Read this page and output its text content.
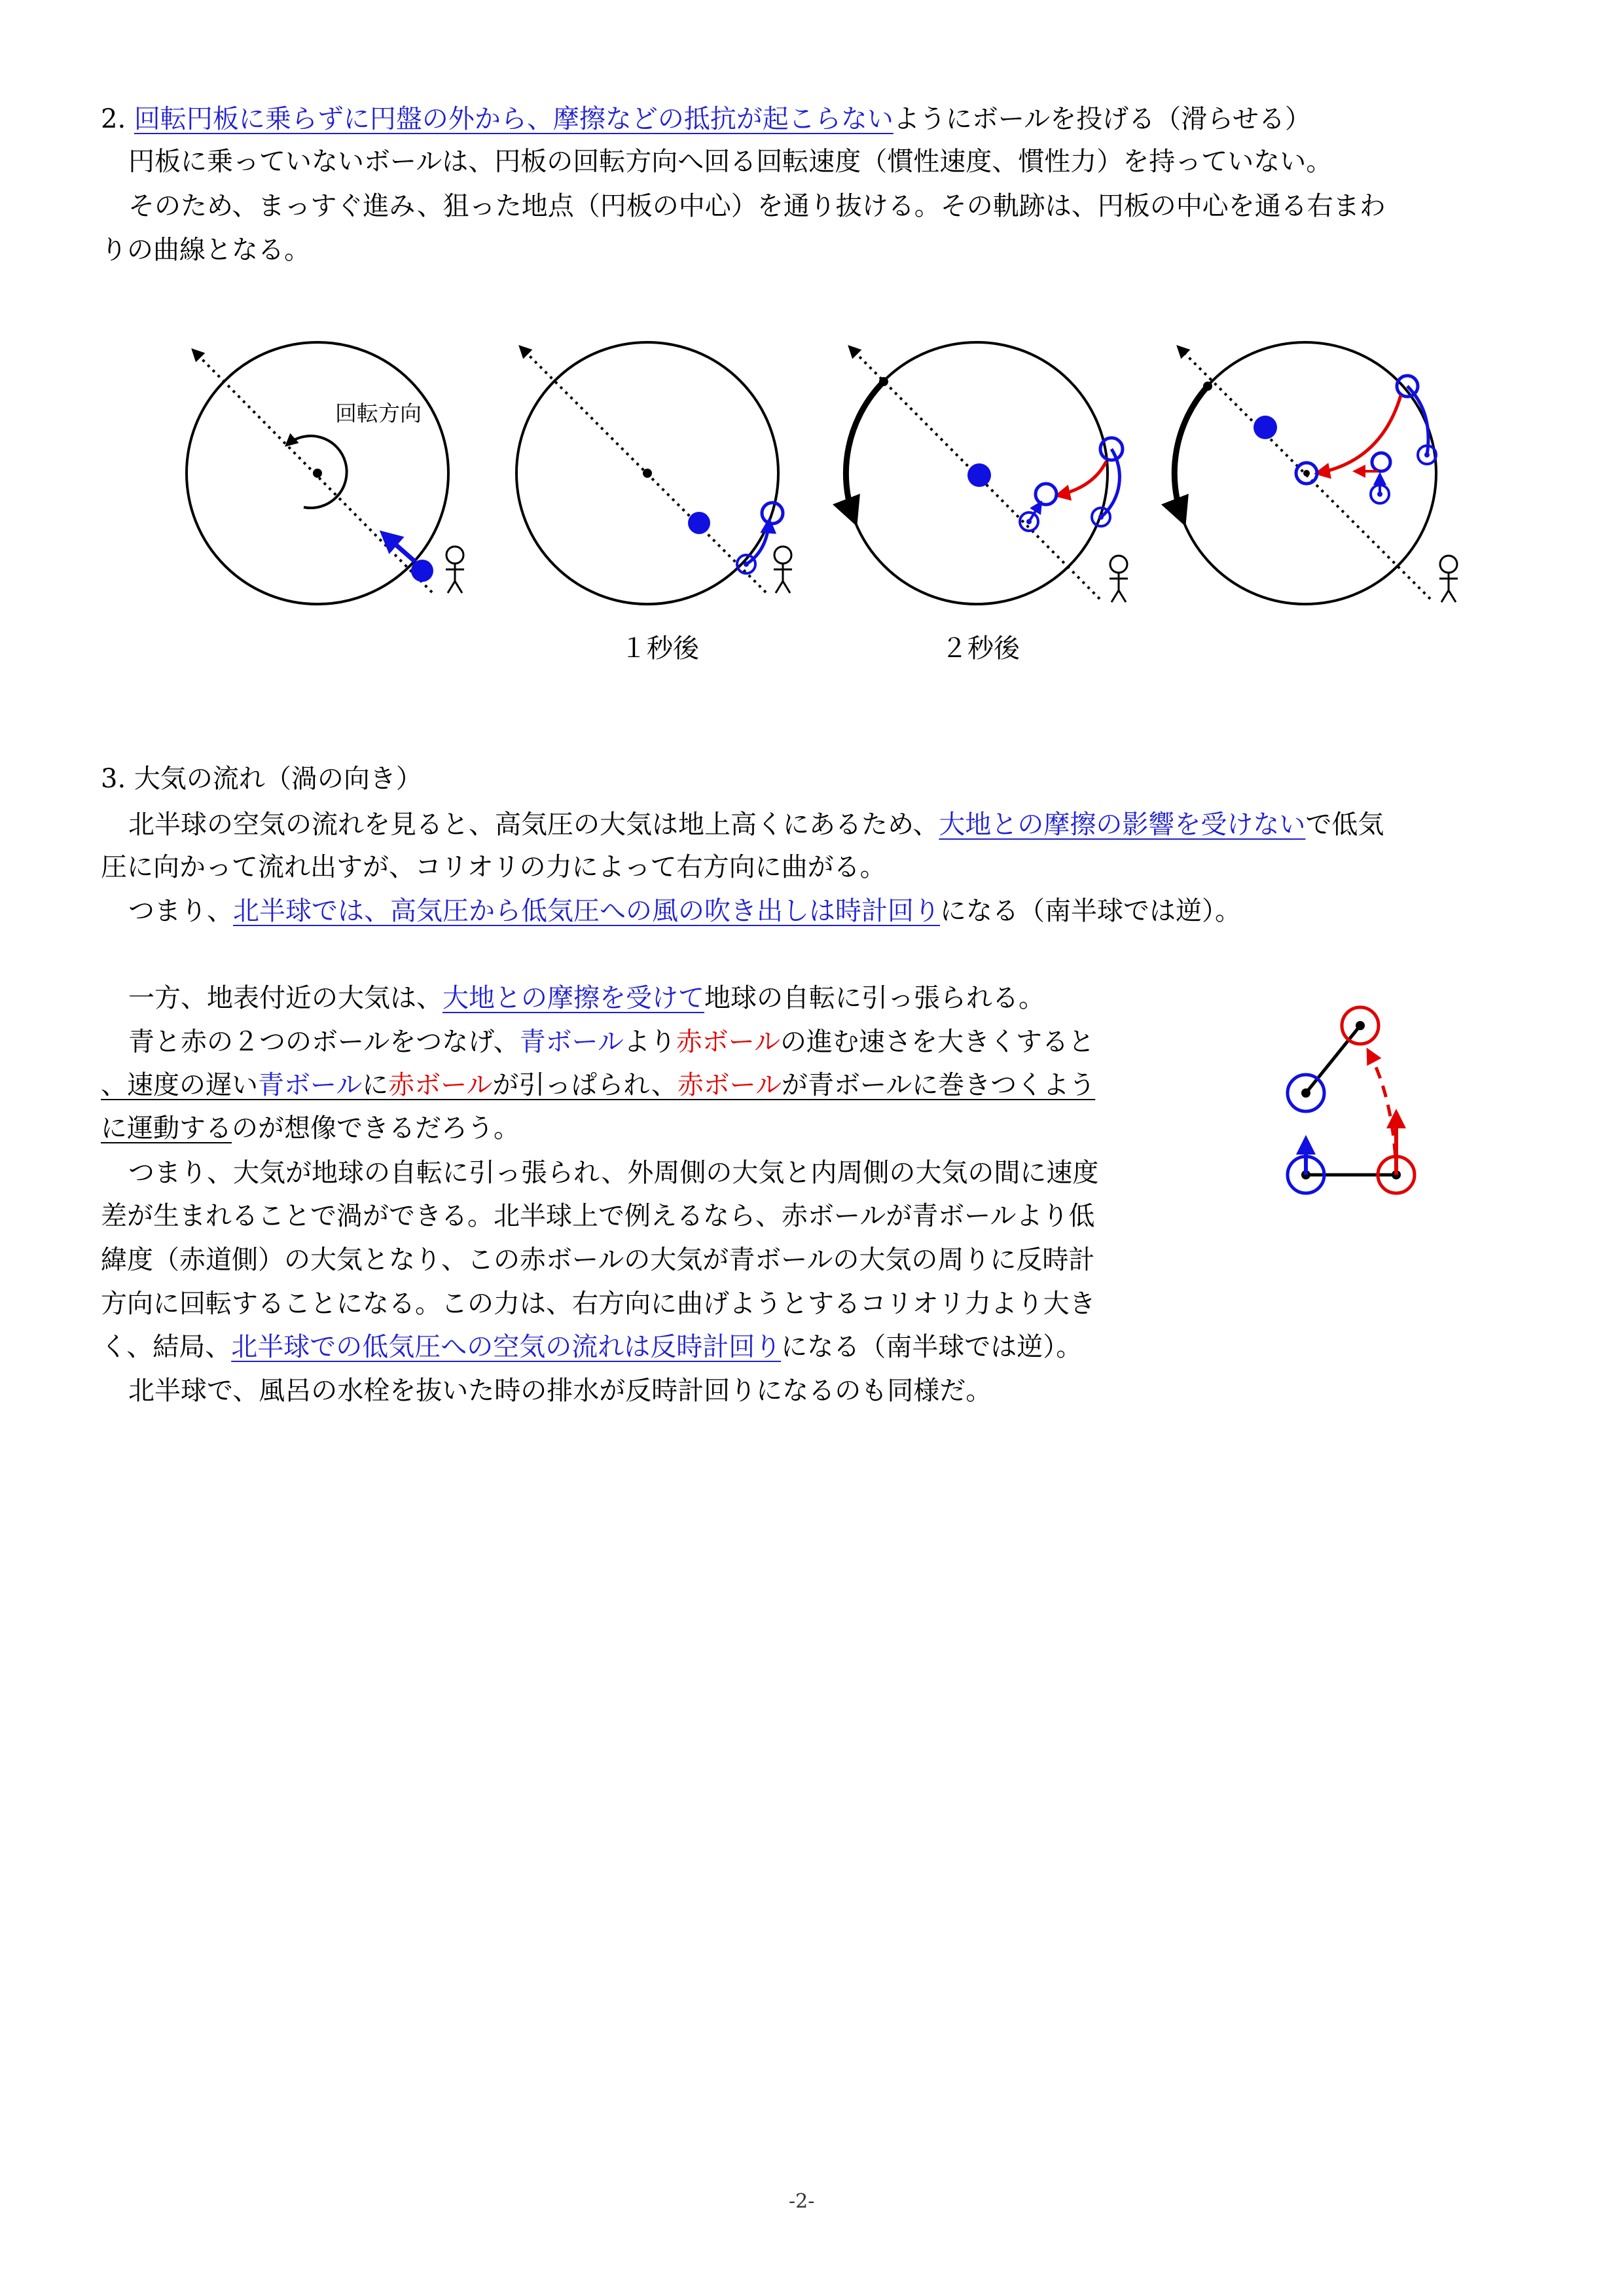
2. 回転円板に乗らずに円盤の外から、摩擦などの抵抗が起こらないようにボールを投げる（滑らせる）

円板に乗っていないボールは、円板の回転方向へ回る回転速度（慣性速度、慣性力）を持っていない。

そのため、まっすぐ進み、狙った地点（円板の中心）を通り抜ける。その軌跡は、円板の中心を通る右まわ

りの曲線となる。

回転方向
１秒後	２秒後

3. 大気の流れ（渦の向き）

北半球の空気の流れを見ると、高気圧の大気は地上高くにあるため、大地との摩擦の影響を受けないで低気

圧に向かって流れ出すが、コリオリの力によって右方向に曲がる。

つまり、北半球では、高気圧から低気圧への風の吹き出しは時計回りになる（南半球では逆）。

一方、地表付近の大気は、大地との摩擦を受けて地球の自転に引っ張られる。

青と赤の２つのボールをつなげ、青ボールより赤ボールの進む速さを大きくすると

、速度の遅い青ボールに赤ボールが引っぱられ、赤ボールが青ボールに巻きつくよう

に運動するのが想像できるだろう。

つまり、大気が地球の自転に引っ張られ、外周側の大気と内周側の大気の間に速度

差が生まれることで渦ができる。北半球上で例えるなら、赤ボールが青ボールより低

緯度（赤道側）の大気となり、この赤ボールの大気が青ボールの大気の周りに反時計

方向に回転することになる。この力は、右方向に曲げようとするコリオリ力より大き

く、結局、北半球での低気圧への空気の流れは反時計回りになる（南半球では逆）。

北半球で、風呂の水栓を抜いた時の排水が反時計回りになるのも同様だ。

-2-
